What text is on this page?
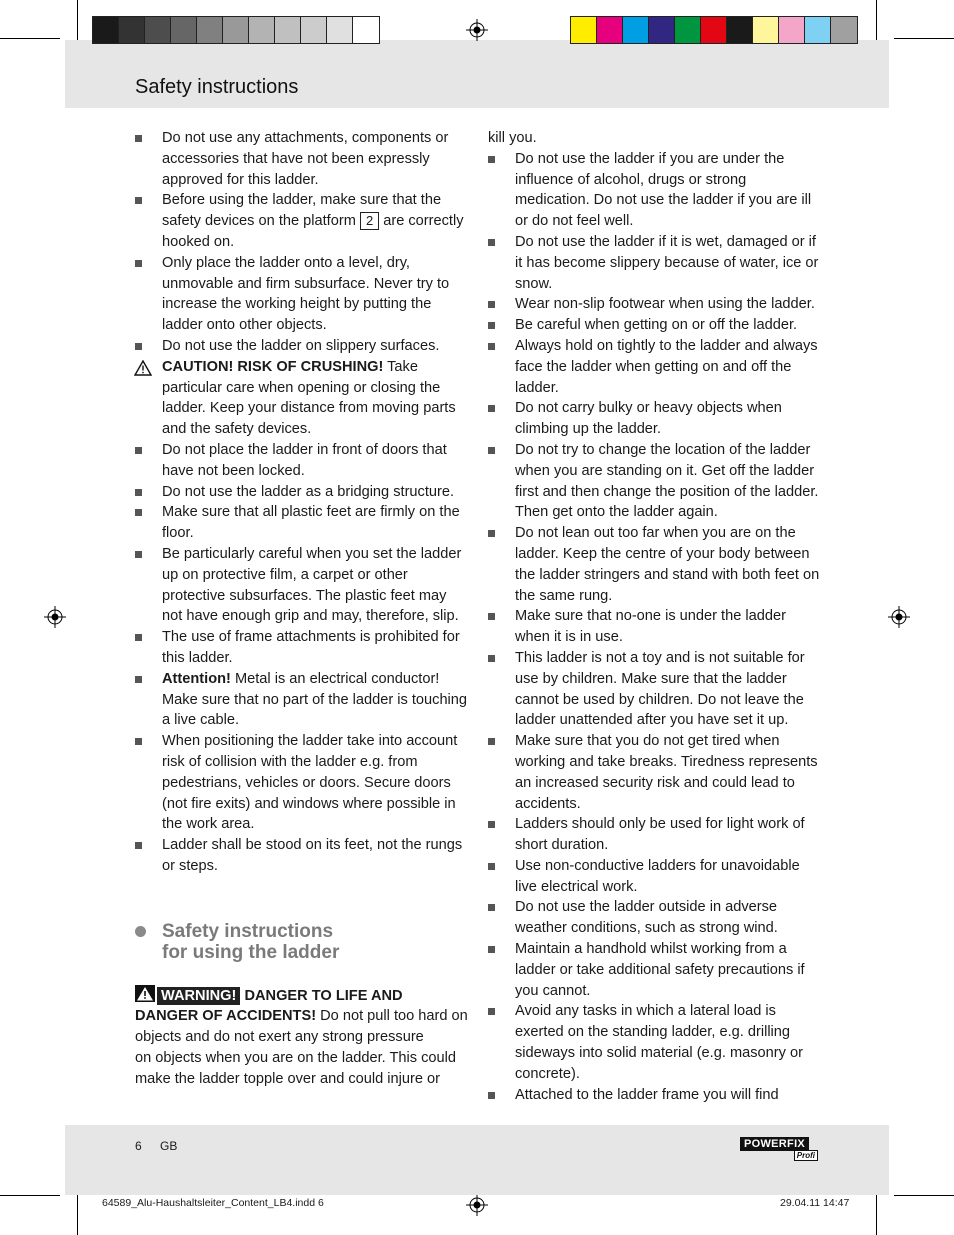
Safety instructions

Do not use any attachments, components or accessories that have not been expressly approved for this ladder.

Before using the ladder, make sure that the safety devices on the platform 2 are correctly hooked on.

Only place the ladder onto a level, dry, unmovable and firm subsurface. Never try to increase the working height by putting the ladder onto other objects.

Do not use the ladder on slippery surfaces.

CAUTION! RISK OF CRUSHING! Take particular care when opening or closing the ladder. Keep your distance from moving parts and the safety devices.

Do not place the ladder in front of doors that have not been locked.

Do not use the ladder as a bridging structure.

Make sure that all plastic feet are firmly on the floor.

Be particularly careful when you set the ladder up on protective film, a carpet or other protective subsurfaces. The plastic feet may not have enough grip and may, therefore, slip.

The use of frame attachments is prohibited for this ladder.

Attention! Metal is an electrical conductor! Make sure that no part of the ladder is touching a live cable.

When positioning the ladder take into account risk of collision with the ladder e.g. from pedestrians, vehicles or doors. Secure doors (not fire exits) and windows where possible in the work area.

Ladder shall be stood on its feet, not the rungs or steps.

Safety instructions
for using the ladder

WARNING! DANGER TO LIFE AND
DANGER OF ACCIDENTS! Do not pull too hard on objects and do not exert any strong pressure

on objects when you are on the ladder. This could make the ladder topple over and could injure or

kill you.

Do not use the ladder if you are under the influence of alcohol, drugs or strong medication. Do not use the ladder if you are ill or do not feel well.

Do not use the ladder if it is wet, damaged or if it has become slippery because of water, ice or snow.

Wear non-slip footwear when using the ladder.

Be careful when getting on or off the ladder.

Always hold on tightly to the ladder and always face the ladder when getting on and off the ladder.

Do not carry bulky or heavy objects when climbing up the ladder.

Do not try to change the location of the ladder when you are standing on it. Get off the ladder first and then change the position of the ladder. Then get onto the ladder again.

Do not lean out too far when you are on the ladder. Keep the centre of your body between the ladder stringers and stand with both feet on the same rung.

Make sure that no-one is under the ladder when it is in use.

This ladder is not a toy and is not suitable for use by children. Make sure that the ladder cannot be used by children. Do not leave the ladder unattended after you have set it up.

Make sure that you do not get tired when working and take breaks. Tiredness represents an increased security risk and could lead to accidents.

Ladders should only be used for light work of short duration.

Use non-conductive ladders for unavoidable live electrical work.

Do not use the ladder outside in adverse weather conditions, such as strong wind.

Maintain a handhold whilst working from a ladder or take additional safety precautions if you cannot.

Avoid any tasks in which a lateral load is exerted on the standing ladder, e.g. drilling sideways into solid material (e.g. masonry or concrete).

Attached to the ladder frame you will find

6 GB	POWERFIX
Profi
64589_Alu-Haushaltsleiter_Content_LB4.indd 6	29.04.11 14:47
